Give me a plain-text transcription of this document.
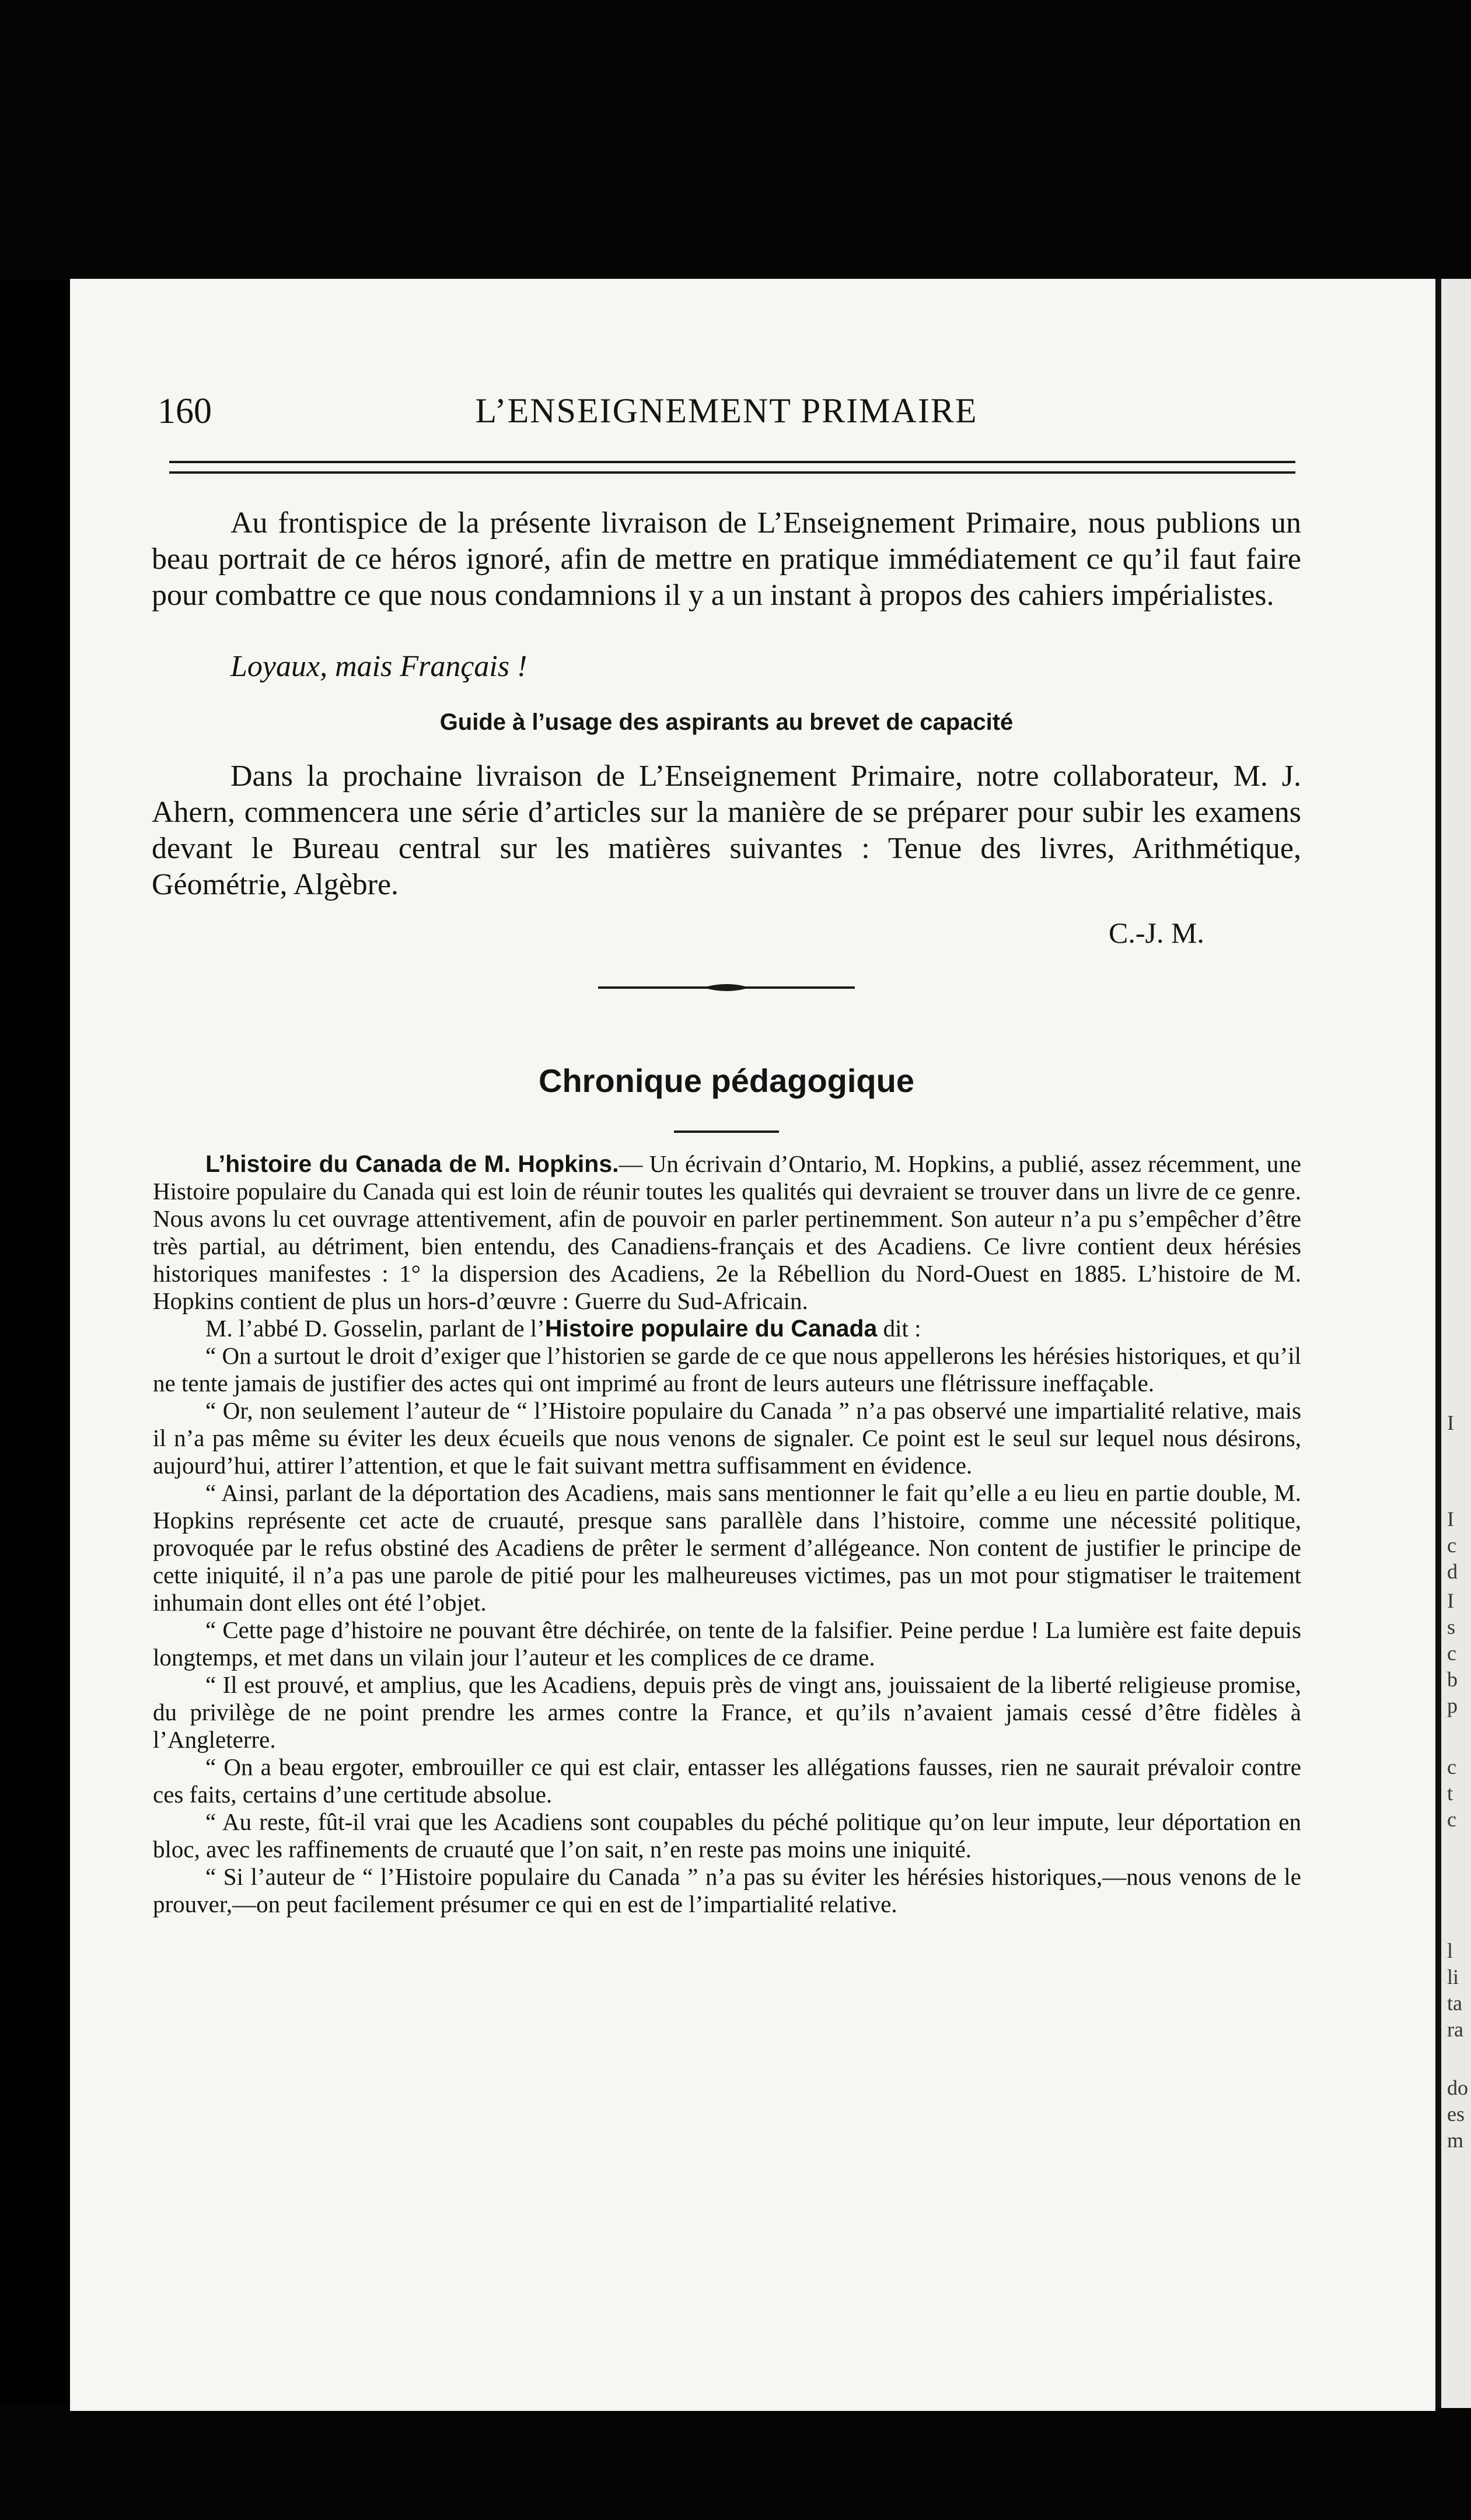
I
I
c
d
I
s
c
b
p
c
t
c
l
li
ta
ra
do
es
m
160	L’ENSEIGNEMENT PRIMAIRE
Au frontispice de la présente livraison de L’Enseignement Primaire, nous publions un beau portrait de ce héros ignoré, afin de mettre en pratique immédiatement ce qu’il faut faire pour combattre ce que nous condamnions il y a un instant à propos des cahiers impérialistes.
Loyaux, mais Français !
Guide à l’usage des aspirants au brevet de capacité
Dans la prochaine livraison de L’Enseignement Primaire, notre collaborateur, M. J. Ahern, commencera une série d’articles sur la manière de se préparer pour subir les examens devant le Bureau central sur les matières suivantes : Tenue des livres, Arithmétique, Géométrie, Algèbre.
C.-J. M.
Chronique pédagogique

L’histoire du Canada de M. Hopkins.— Un écrivain d’Ontario, M. Hopkins, a publié, assez récemment, une Histoire populaire du Canada qui est loin de réunir toutes les qualités qui devraient se trouver dans un livre de ce genre. Nous avons lu cet ouvrage attentivement, afin de pouvoir en parler pertinemment. Son auteur n’a pu s’empêcher d’être très partial, au détriment, bien entendu, des Canadiens-français et des Acadiens. Ce livre contient deux hérésies historiques manifestes : 1° la dispersion des Acadiens, 2e la Rébellion du Nord-Ouest en 1885. L’histoire de M. Hopkins contient de plus un hors-d’œuvre : Guerre du Sud-Africain.

M. l’abbé D. Gosselin, parlant de l’Histoire populaire du Canada dit :

“ On a surtout le droit d’exiger que l’historien se garde de ce que nous appellerons les hérésies historiques, et qu’il ne tente jamais de justifier des actes qui ont imprimé au front de leurs auteurs une flétrissure ineffaçable.

“ Or, non seulement l’auteur de “ l’Histoire populaire du Canada ” n’a pas observé une impartialité relative, mais il n’a pas même su éviter les deux écueils que nous venons de signaler. Ce point est le seul sur lequel nous désirons, aujourd’hui, attirer l’attention, et que le fait suivant mettra suffisamment en évidence.

“ Ainsi, parlant de la déportation des Acadiens, mais sans mentionner le fait qu’elle a eu lieu en partie double, M. Hopkins représente cet acte de cruauté, presque sans parallèle dans l’histoire, comme une nécessité politique, provoquée par le refus obstiné des Acadiens de prêter le serment d’allégeance. Non content de justifier le principe de cette iniquité, il n’a pas une parole de pitié pour les malheureuses victimes, pas un mot pour stigmatiser le traitement inhumain dont elles ont été l’objet.

“ Cette page d’histoire ne pouvant être déchirée, on tente de la falsifier. Peine perdue ! La lumière est faite depuis longtemps, et met dans un vilain jour l’auteur et les complices de ce drame.

“ Il est prouvé, et amplius, que les Acadiens, depuis près de vingt ans, jouissaient de la liberté religieuse promise, du privilège de ne point prendre les armes contre la France, et qu’ils n’avaient jamais cessé d’être fidèles à l’Angleterre.

“ On a beau ergoter, embrouiller ce qui est clair, entasser les allégations fausses, rien ne saurait prévaloir contre ces faits, certains d’une certitude absolue.

“ Au reste, fût-il vrai que les Acadiens sont coupables du péché politique qu’on leur impute, leur déportation en bloc, avec les raffinements de cruauté que l’on sait, n’en reste pas moins une iniquité.

“ Si l’auteur de “ l’Histoire populaire du Canada ” n’a pas su éviter les hérésies historiques,—nous venons de le prouver,—on peut facilement présumer ce qui en est de l’impartialité relative.
